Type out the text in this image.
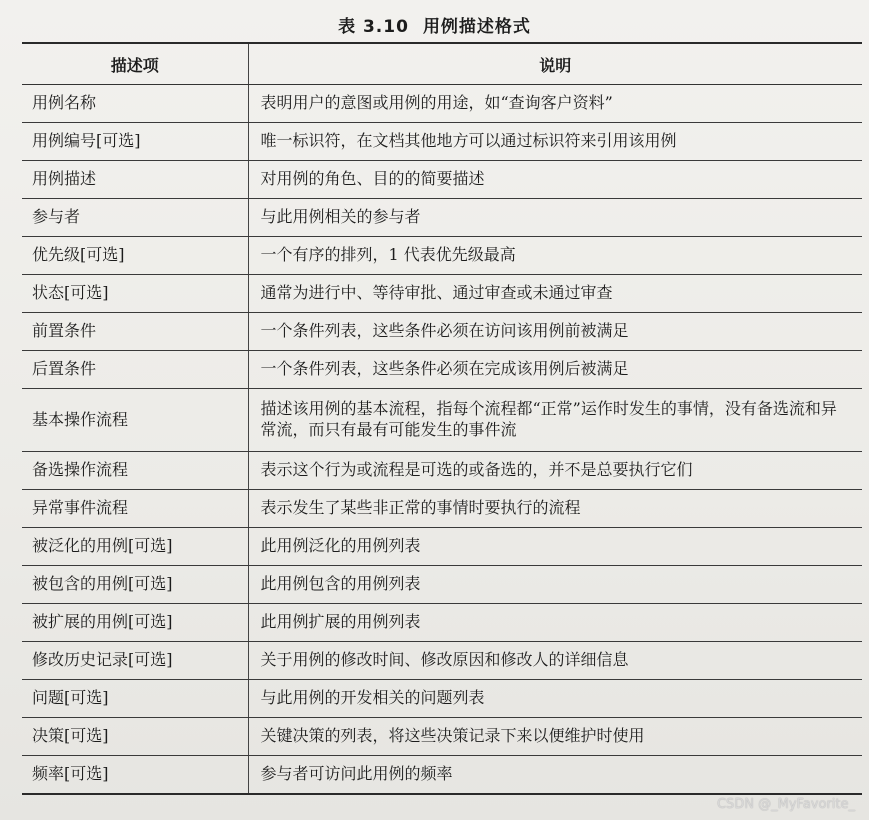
表 3.10 用例描述格式
描述项	说明
用例名称	表明用户的意图或用例的用途，如“查询客户资料”
用例编号[可选]	唯一标识符，在文档其他地方可以通过标识符来引用该用例
用例描述	对用例的角色、目的的简要描述
参与者	与此用例相关的参与者
优先级[可选]	一个有序的排列，1 代表优先级最高
状态[可选]	通常为进行中、等待审批、通过审查或未通过审查
前置条件	一个条件列表，这些条件必须在访问该用例前被满足
后置条件	一个条件列表，这些条件必须在完成该用例后被满足
基本操作流程	描述该用例的基本流程，指每个流程都“正常”运作时发生的事情，没有备选流和异常流，而只有最有可能发生的事件流
备选操作流程	表示这个行为或流程是可选的或备选的，并不是总要执行它们
异常事件流程	表示发生了某些非正常的事情时要执行的流程
被泛化的用例[可选]	此用例泛化的用例列表
被包含的用例[可选]	此用例包含的用例列表
被扩展的用例[可选]	此用例扩展的用例列表
修改历史记录[可选]	关于用例的修改时间、修改原因和修改人的详细信息
问题[可选]	与此用例的开发相关的问题列表
决策[可选]	关键决策的列表，将这些决策记录下来以便维护时使用
频率[可选]	参与者可访问此用例的频率
CSDN @_MyFavorite_
